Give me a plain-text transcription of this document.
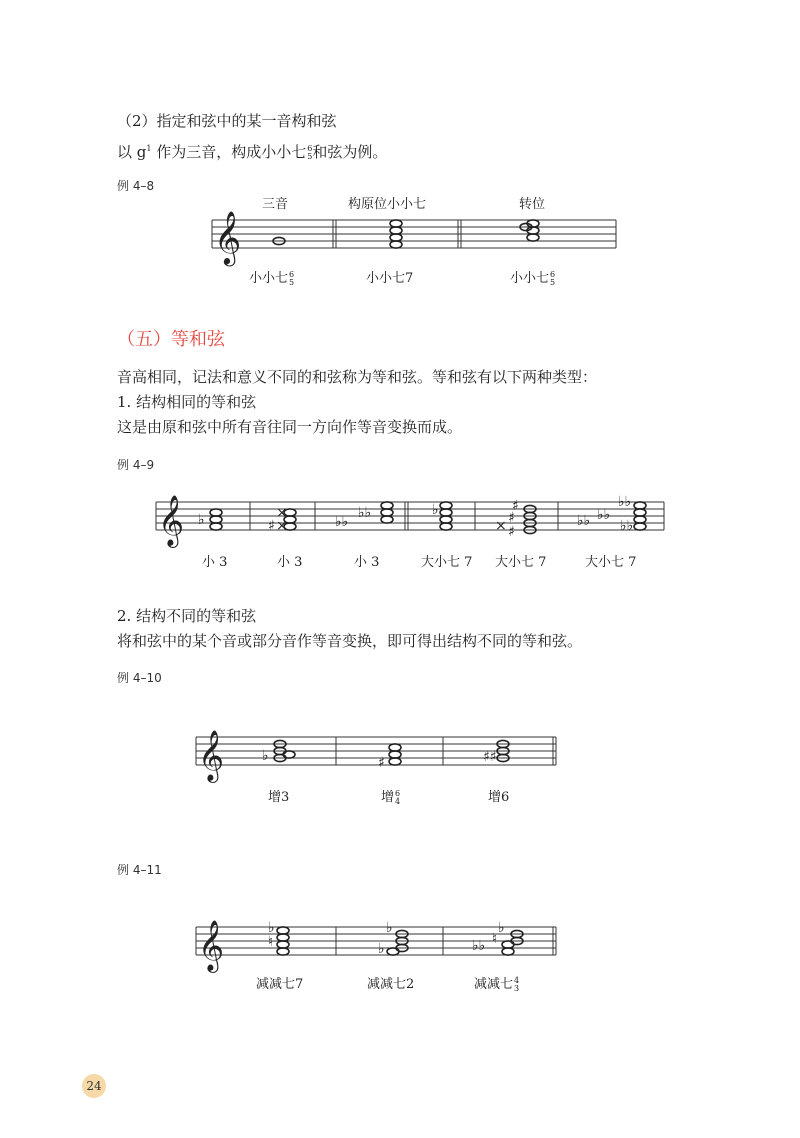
（2）指定和弦中的某一音构和弦
以 $g^1$ 作为三音，构成小小七 6
5 和弦为例。
例 4–8
三音	构原位小小七	转位
𝄞
小小七 6
5	小小七7	小小七 6
5
（五）等和弦
音高相同，记法和意义不同的和弦称为等和弦。等和弦有以下两种类型：
1. 结构相同的等和弦
这是由原和弦中所有音往同一方向作等音变换而成。
例 4–9
𝄞 ♭	♯
×
×	♭♭
♭♭	♭
× ♯
♯
♯
♭♭ ♭♭
♭♭
♭♭
小 3	小 3	小 3	大小七 7 大小七 7	大小七 7
2. 结构不同的等和弦
将和弦中的某个音或部分音作等音变换，即可得出结构不同的等和弦。
例 4–10
𝄞	♭	♯	♯♯
增3	增 6
4	增6
例 4–11
𝄞	♭
♮	♭
♭
♭♭ ♮
♭
减减七7	减减七2	减减七 4
3
24
